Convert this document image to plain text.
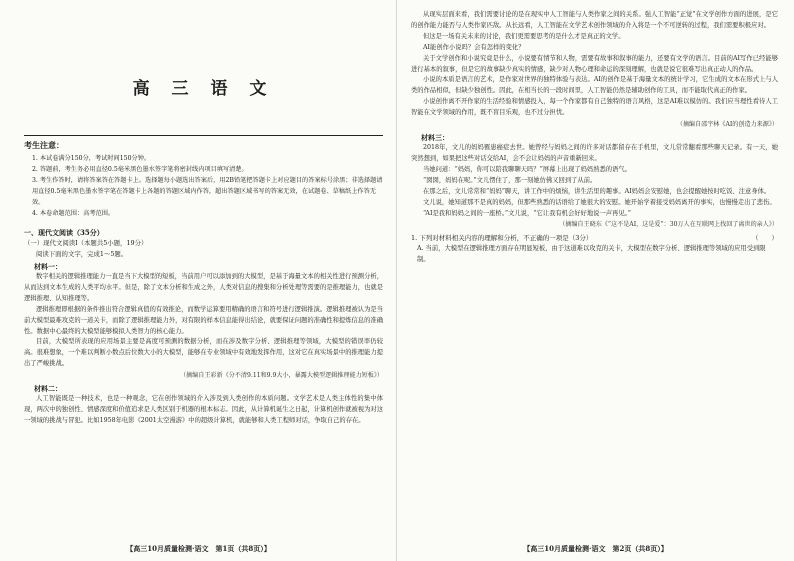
高 三 语 文
考生注意：
1. 本试卷满分150分，考试时间150分钟。
2. 答题前，考生务必用直径0.5毫米黑色墨水签字笔将密封线内项目填写清楚。
3. 考生作答时，请将答案答在答题卡上。选择题每小题选出答案后，用2B铅笔把答题卡上对应题目的答案标号涂黑；非选择题请用直径0.5毫米黑色墨水签字笔在答题卡上各题的答题区域内作答，超出答题区域书写的答案无效，在试题卷、草稿纸上作答无效。
4. 本卷命题范围：高考范围。
一、现代文阅读（35分）
（一）现代文阅读Ⅰ（本题共5小题，19分）
阅读下面的文字，完成1～5题。
材料一：

数字相关的逻辑推理能力一直是当下大模型的短板，当前用户可以添加到的大模型，是基于海量文本的相关性进行预测分析，从而达到文本生成的人类平均水平。但是，除了文本分析和生成之外，人类对信息的搜集和分析处理等需要的是推理能力，也就是逻辑推理、认知推理等。

逻辑推理即根据的条件推出符合逻辑真值的有效推论，而数学运算要用精确的语言和符号进行逻辑推演。逻辑推理被认为是当前大模型最难攻克的一道关卡，而除了逻辑推理能力外，对有限的样本信息能得出结论，就要保证问题的准确性和提炼信息的准确性。数据中心最终的大模型能够模拟人类智力的核心能力。

目前，大模型所表现的应用场景主要是高度可预测的数据分析，而在涉及数字分析、逻辑推理等领域，大模型的错误率仍较高。很难想象，一个难以判断小数点后位数大小的大模型，能够在专业领域中有效地发挥作用，这对它在真实场景中的推理能力提出了严峻挑战。

（摘编自王彩新《分不清9.11和9.9大小，暴露大模型逻辑推理能力短板》）

材料二：

人工智能既是一种技术，也是一种观念，它在创作领域的介入涉及到人类创作的本质问题。文学艺术是人类主体性的集中体现，两次中的独创性、情感深度和价值追求是人类区别于机器的根本标志。因此，从计算机诞生之日起，计算机创作就被视为对这一领域的挑战与冒犯。比如1958年电影《2001太空漫游》中的超级计算机，就能够和人类工程师对话，争取自己的存在。

【高三10月质量检测·语文　第1页（共8页）】

从现实层面来看，我们需要讨论的是在现实中人工智能与人类作家之间的关系。强人工智能“正觉”在文学创作方面的进展，是它的创作能力能否与人类作家匹敌。从长远看，人工智能在文学艺术创作领域的介入将是一个不可逆转的过程，我们需要积极应对。

但这是一场有关未来的讨论，我们更需要思考的是什么才是真正的文学。

AI能创作小说吗？会有怎样的变化？

关于文学创作和小说究竟是什么，小说要有情节和人物，需要有故事和叙事的能力，还要有文学的语言。目前的AI写作已经能够进行基本的叙事，但是它的故事缺少真实的情感，缺少对人物心理和命运的深刻理解，也就是说它很难写出真正动人的作品。

小说的本质是语言的艺术，是作家对世界的独特体验与表达。AI的创作是基于海量文本的统计学习，它生成的文本在形式上与人类的作品相似，但缺少独创性。因此，在相当长的一段时间里，人工智能仍然是辅助创作的工具，而不能取代真正的作家。

小说创作离不开作家的生活经验和情感投入，每一个作家都有自己独特的语言风格，这是AI难以模仿的。我们应当理性看待人工智能在文学领域的作用，既不盲目乐观，也不过分担忧。

（摘编自邵宇林《AI的创造力来源》）

材料三：

2018年，文儿的妈妈罹患癌症去世。她曾经与妈妈之间的许多对话都留存在手机里，文儿常常翻看那些聊天记录。有一天，她突然想到，如果把这些对话交给AI，会不会让妈妈的声音重新回来。

当她问道：“妈妈，你可以陪我聊聊天吗？”屏幕上出现了妈妈熟悉的语气。

“囡囡，妈妈在呢。”文儿愣住了，那一刻她仿佛又回到了从前。

在那之后，文儿常常和“妈妈”聊天，讲工作中的烦恼，讲生活里的趣事。AI妈妈会安慰她，也会提醒她按时吃饭、注意身体。

文儿说，她知道那不是真的妈妈，但那些熟悉的话语给了她很大的安慰。她开始学着接受妈妈离开的事实，也慢慢走出了悲伤。

“AI是我和妈妈之间的一座桥。”文儿说，“它让我有机会好好地说一声再见。”

（摘编自王晓东《“这不是AI，这是爱”：30万人在互联网上找回了离世的亲人》）

（　　）
1. 下列对材料相关内容的理解和分析，不正确的一项是（3分）
A. 当前，大模型在逻辑推理方面存在明显短板，由于这道难以攻克的关卡，大模型在数字分析、逻辑推理等领域的应用受到限制。
【高三10月质量检测·语文　第2页（共8页）】
